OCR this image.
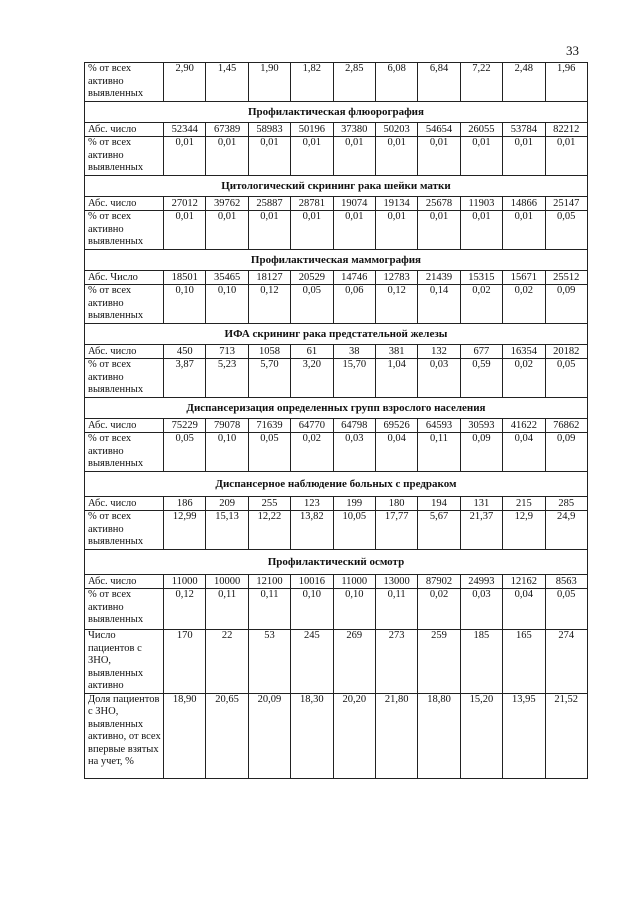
33
% от всех активно выявленных	2,90	1,45	1,90	1,82	2,85	6,08	6,84	7,22	2,48	1,96
Профилактическая флюорография										
Абс. число	52344	67389	58983	50196	37380	50203	54654	26055	53784	82212
% от всех активно выявленных	0,01	0,01	0,01	0,01	0,01	0,01	0,01	0,01	0,01	0,01
Цитологический скрининг рака шейки матки										
Абс. число	27012	39762	25887	28781	19074	19134	25678	11903	14866	25147
% от всех активно выявленных	0,01	0,01	0,01	0,01	0,01	0,01	0,01	0,01	0,01	0,05
Профилактическая маммография										
Абс. Число	18501	35465	18127	20529	14746	12783	21439	15315	15671	25512
% от всех активно выявленных	0,10	0,10	0,12	0,05	0,06	0,12	0,14	0,02	0,02	0,09
ИФА скрининг рака предстательной железы										
Абс. число	450	713	1058	61	38	381	132	677	16354	20182
% от всех активно выявленных	3,87	5,23	5,70	3,20	15,70	1,04	0,03	0,59	0,02	0,05
Диспансеризация определенных групп взрослого населения										
Абс. число	75229	79078	71639	64770	64798	69526	64593	30593	41622	76862
% от всех активно выявленных	0,05	0,10	0,05	0,02	0,03	0,04	0,11	0,09	0,04	0,09
Диспансерное наблюдение больных с предраком										
Абс. число	186	209	255	123	199	180	194	131	215	285
% от всех активно выявленных	12,99	15,13	12,22	13,82	10,05	17,77	5,67	21,37	12,9	24,9
Профилактический осмотр										
Абс. число	11000	10000	12100	10016	11000	13000	87902	24993	12162	8563
% от всех активно выявленных	0,12	0,11	0,11	0,10	0,10	0,11	0,02	0,03	0,04	0,05
Число пациентов с ЗНО, выявленных активно	170	22	53	245	269	273	259	185	165	274
Доля пациентов с ЗНО, выявленных активно, от всех впервые взятых на учет, %	18,90	20,65	20,09	18,30	20,20	21,80	18,80	15,20	13,95	21,52
